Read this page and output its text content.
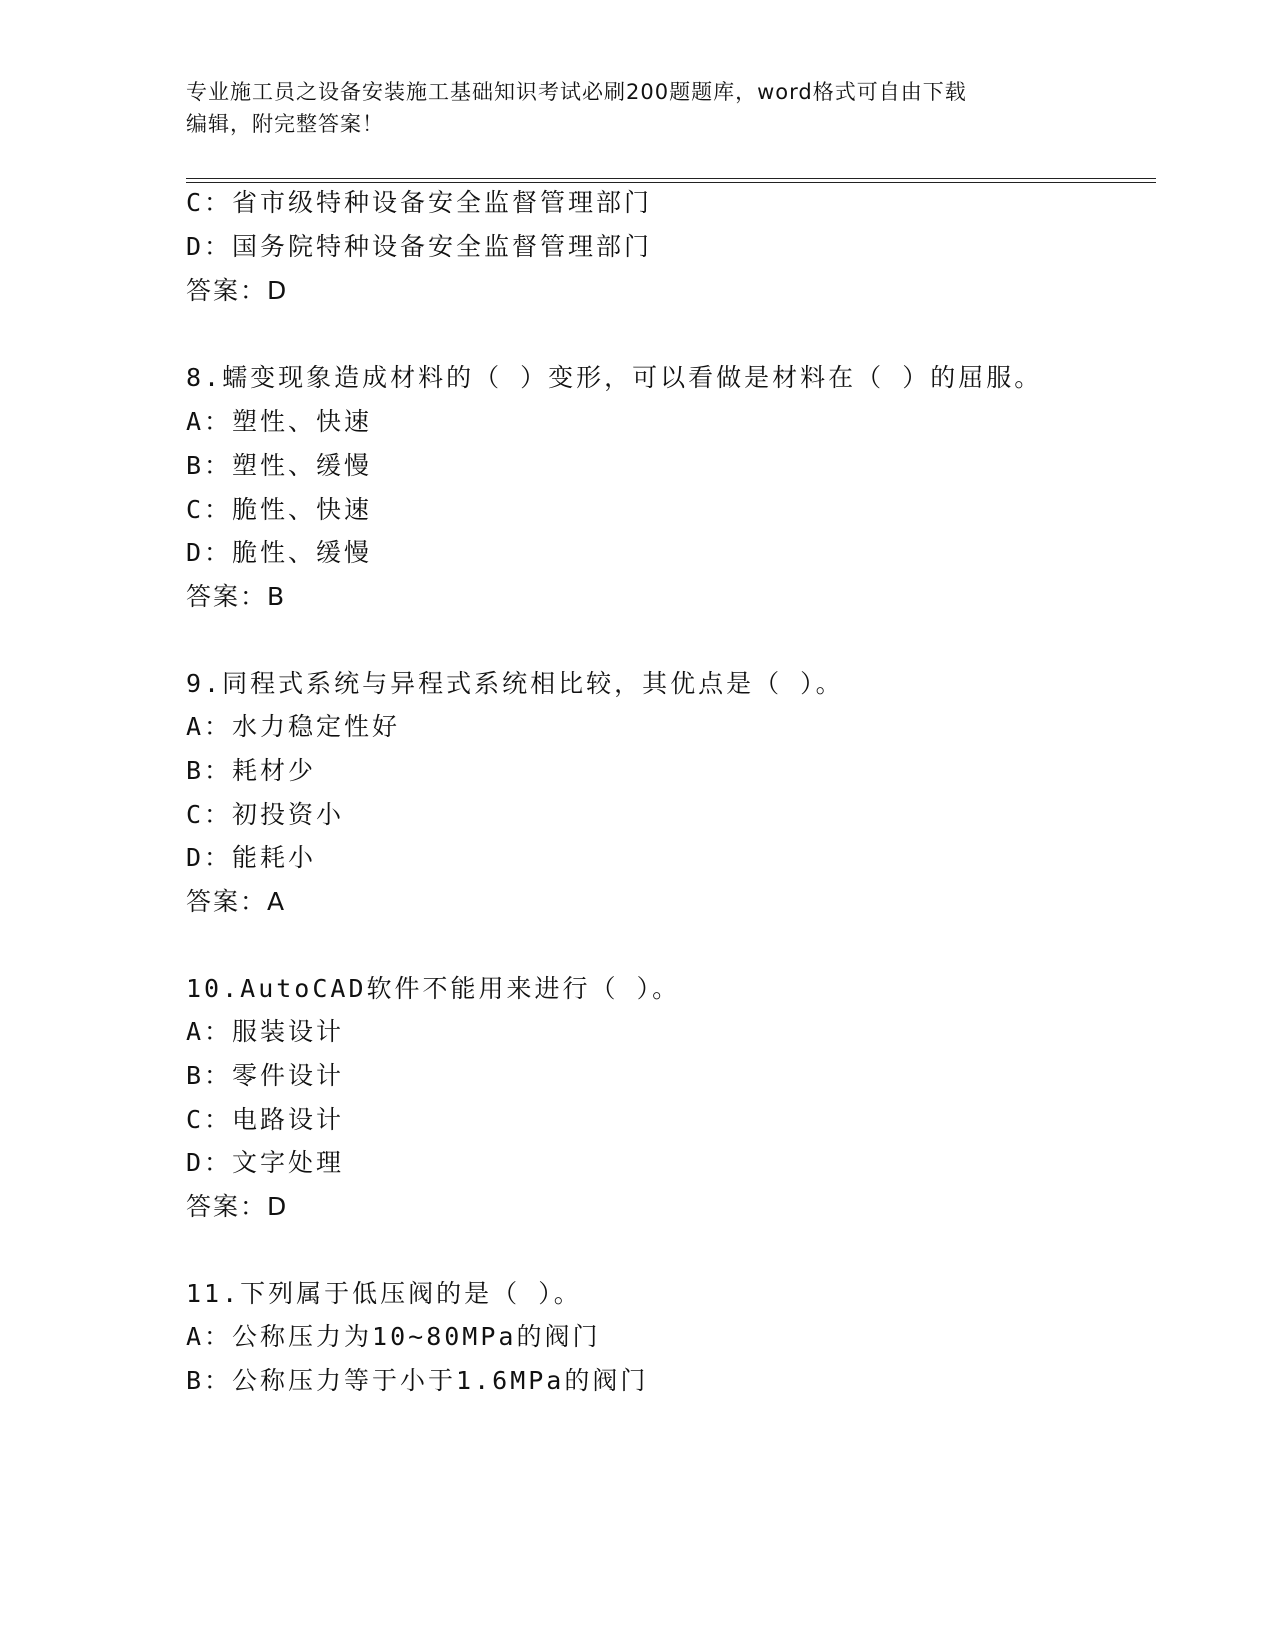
专业施工员之设备安装施工基础知识考试必刷200题题库，word格式可自由下载
编辑，附完整答案！
C：省市级特种设备安全监督管理部门
D：国务院特种设备安全监督管理部门
答案：D
8.蠕变现象造成材料的（ ）变形，可以看做是材料在（ ）的屈服。
A：塑性、快速
B：塑性、缓慢
C：脆性、快速
D：脆性、缓慢
答案：B
9.同程式系统与异程式系统相比较，其优点是（ ）。
A：水力稳定性好
B：耗材少
C：初投资小
D：能耗小
答案：A
10.AutoCAD软件不能用来进行（ ）。
A：服装设计
B：零件设计
C：电路设计
D：文字处理
答案：D
11.下列属于低压阀的是（ ）。
A：公称压力为10~80MPa的阀门
B：公称压力等于小于1.6MPa的阀门
